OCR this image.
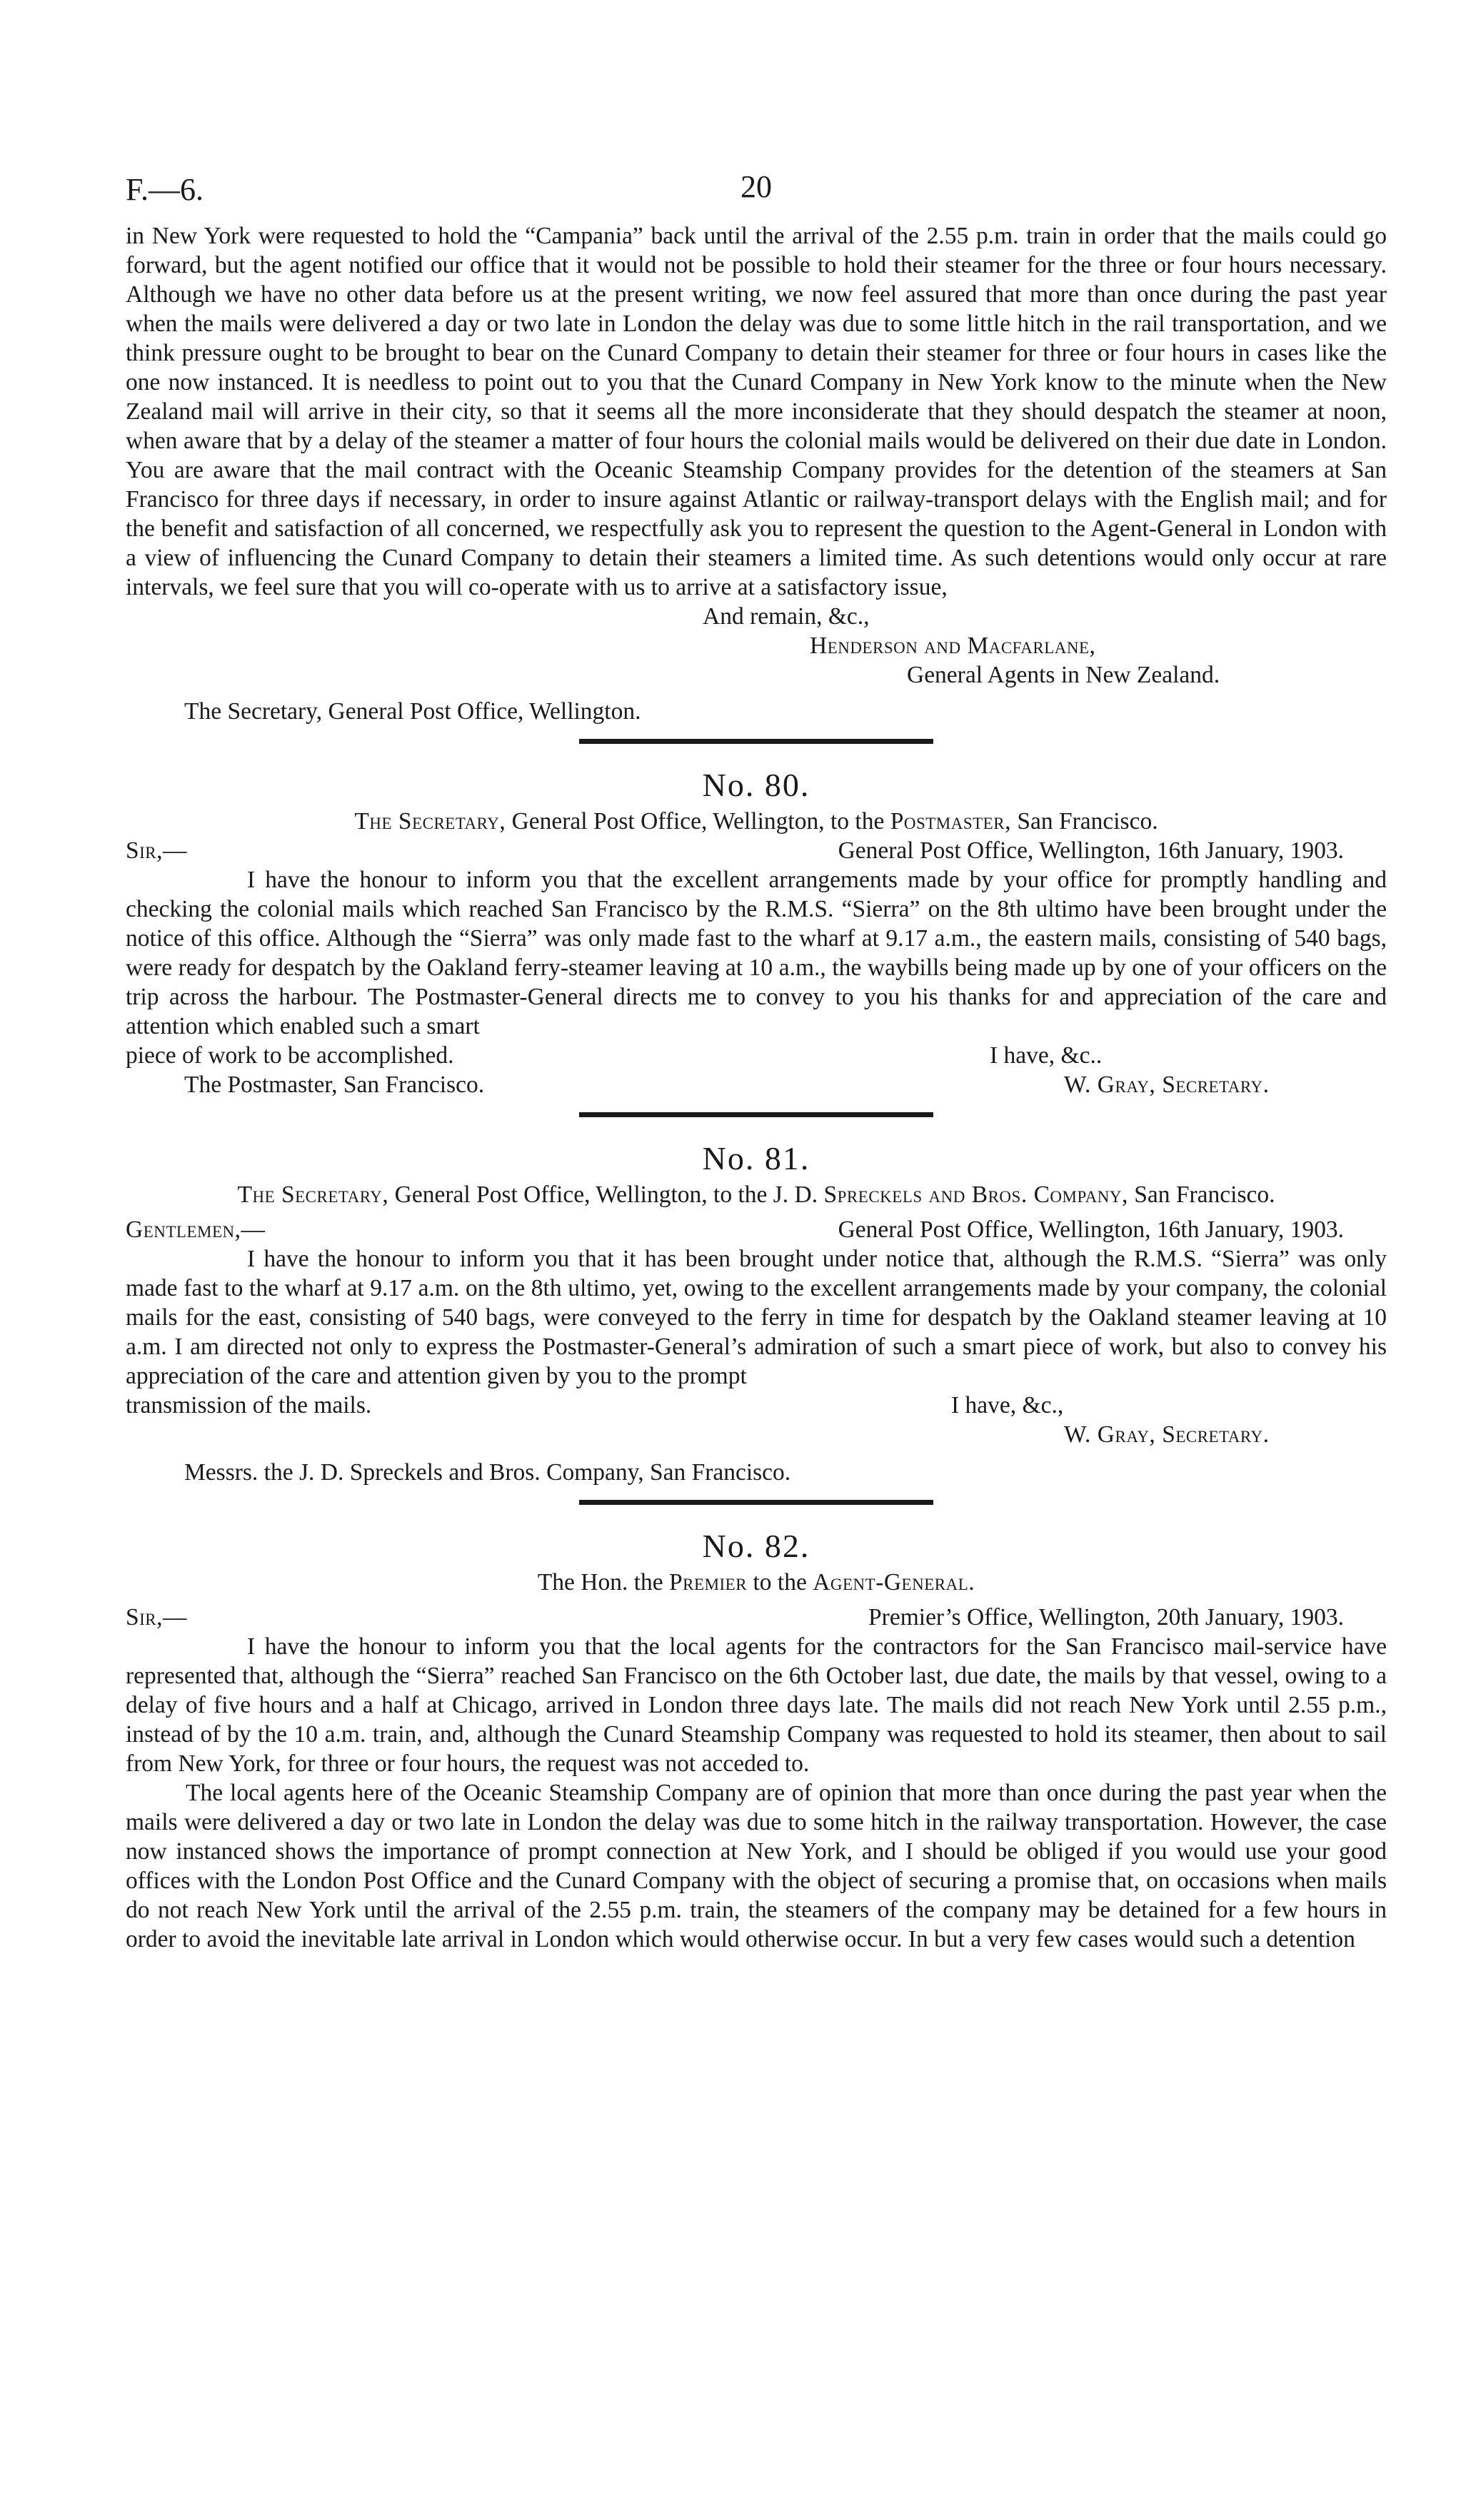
F.—6.	20

in New York were requested to hold the “Campania” back until the arrival of the 2.55 p.m. train in order that the mails could go forward, but the agent notified our office that it would not be possible to hold their steamer for the three or four hours necessary. Although we have no other data before us at the present writing, we now feel assured that more than once during the past year when the mails were delivered a day or two late in London the delay was due to some little hitch in the rail transportation, and we think pressure ought to be brought to bear on the Cunard Company to detain their steamer for three or four hours in cases like the one now instanced. It is needless to point out to you that the Cunard Company in New York know to the minute when the New Zealand mail will arrive in their city, so that it seems all the more inconsiderate that they should despatch the steamer at noon, when aware that by a delay of the steamer a matter of four hours the colonial mails would be delivered on their due date in London. You are aware that the mail contract with the Oceanic Steamship Company provides for the detention of the steamers at San Francisco for three days if necessary, in order to insure against Atlantic or railway-transport delays with the English mail; and for the benefit and satisfaction of all concerned, we respectfully ask you to represent the question to the Agent-General in London with a view of influencing the Cunard Company to detain their steamers a limited time. As such detentions would only occur at rare intervals, we feel sure that you will co-operate with us to arrive at a satisfactory issue,

And remain, &c.,
Henderson and Macfarlane,
General Agents in New Zealand.
The Secretary, General Post Office, Wellington.
No. 80.
The Secretary, General Post Office, Wellington, to the Postmaster, San Francisco.
Sir,—	General Post Office, Wellington, 16th January, 1903.

I have the honour to inform you that the excellent arrangements made by your office for promptly handling and checking the colonial mails which reached San Francisco by the R.M.S. “Sierra” on the 8th ultimo have been brought under the notice of this office. Although the “Sierra” was only made fast to the wharf at 9.17 a.m., the eastern mails, consisting of 540 bags, were ready for despatch by the Oakland ferry-steamer leaving at 10 a.m., the waybills being made up by one of your officers on the trip across the harbour. The Postmaster-General directs me to convey to you his thanks for and appreciation of the care and attention which enabled such a smart

piece of work to be accomplished.	I have, &c..
The Postmaster, San Francisco.	W. Gray, Secretary.
No. 81.
The Secretary, General Post Office, Wellington, to the J. D. Spreckels and Bros. Company, San Francisco.
Gentlemen,—	General Post Office, Wellington, 16th January, 1903.

I have the honour to inform you that it has been brought under notice that, although the R.M.S. “Sierra” was only made fast to the wharf at 9.17 a.m. on the 8th ultimo, yet, owing to the excellent arrangements made by your company, the colonial mails for the east, consisting of 540 bags, were conveyed to the ferry in time for despatch by the Oakland steamer leaving at 10 a.m. I am directed not only to express the Postmaster-General’s admiration of such a smart piece of work, but also to convey his appreciation of the care and attention given by you to the prompt

transmission of the mails.	I have, &c.,
W. Gray, Secretary.
Messrs. the J. D. Spreckels and Bros. Company, San Francisco.
No. 82.
The Hon. the Premier to the Agent-General.
Sir,—	Premier’s Office, Wellington, 20th January, 1903.

I have the honour to inform you that the local agents for the contractors for the San Francisco mail-service have represented that, although the “Sierra” reached San Francisco on the 6th October last, due date, the mails by that vessel, owing to a delay of five hours and a half at Chicago, arrived in London three days late. The mails did not reach New York until 2.55 p.m., instead of by the 10 a.m. train, and, although the Cunard Steamship Company was requested to hold its steamer, then about to sail from New York, for three or four hours, the request was not acceded to.

The local agents here of the Oceanic Steamship Company are of opinion that more than once during the past year when the mails were delivered a day or two late in London the delay was due to some hitch in the railway transportation. However, the case now instanced shows the importance of prompt connection at New York, and I should be obliged if you would use your good offices with the London Post Office and the Cunard Company with the object of securing a promise that, on occasions when mails do not reach New York until the arrival of the 2.55 p.m. train, the steamers of the company may be detained for a few hours in order to avoid the inevitable late arrival in London which would otherwise occur. In but a very few cases would such a detention
